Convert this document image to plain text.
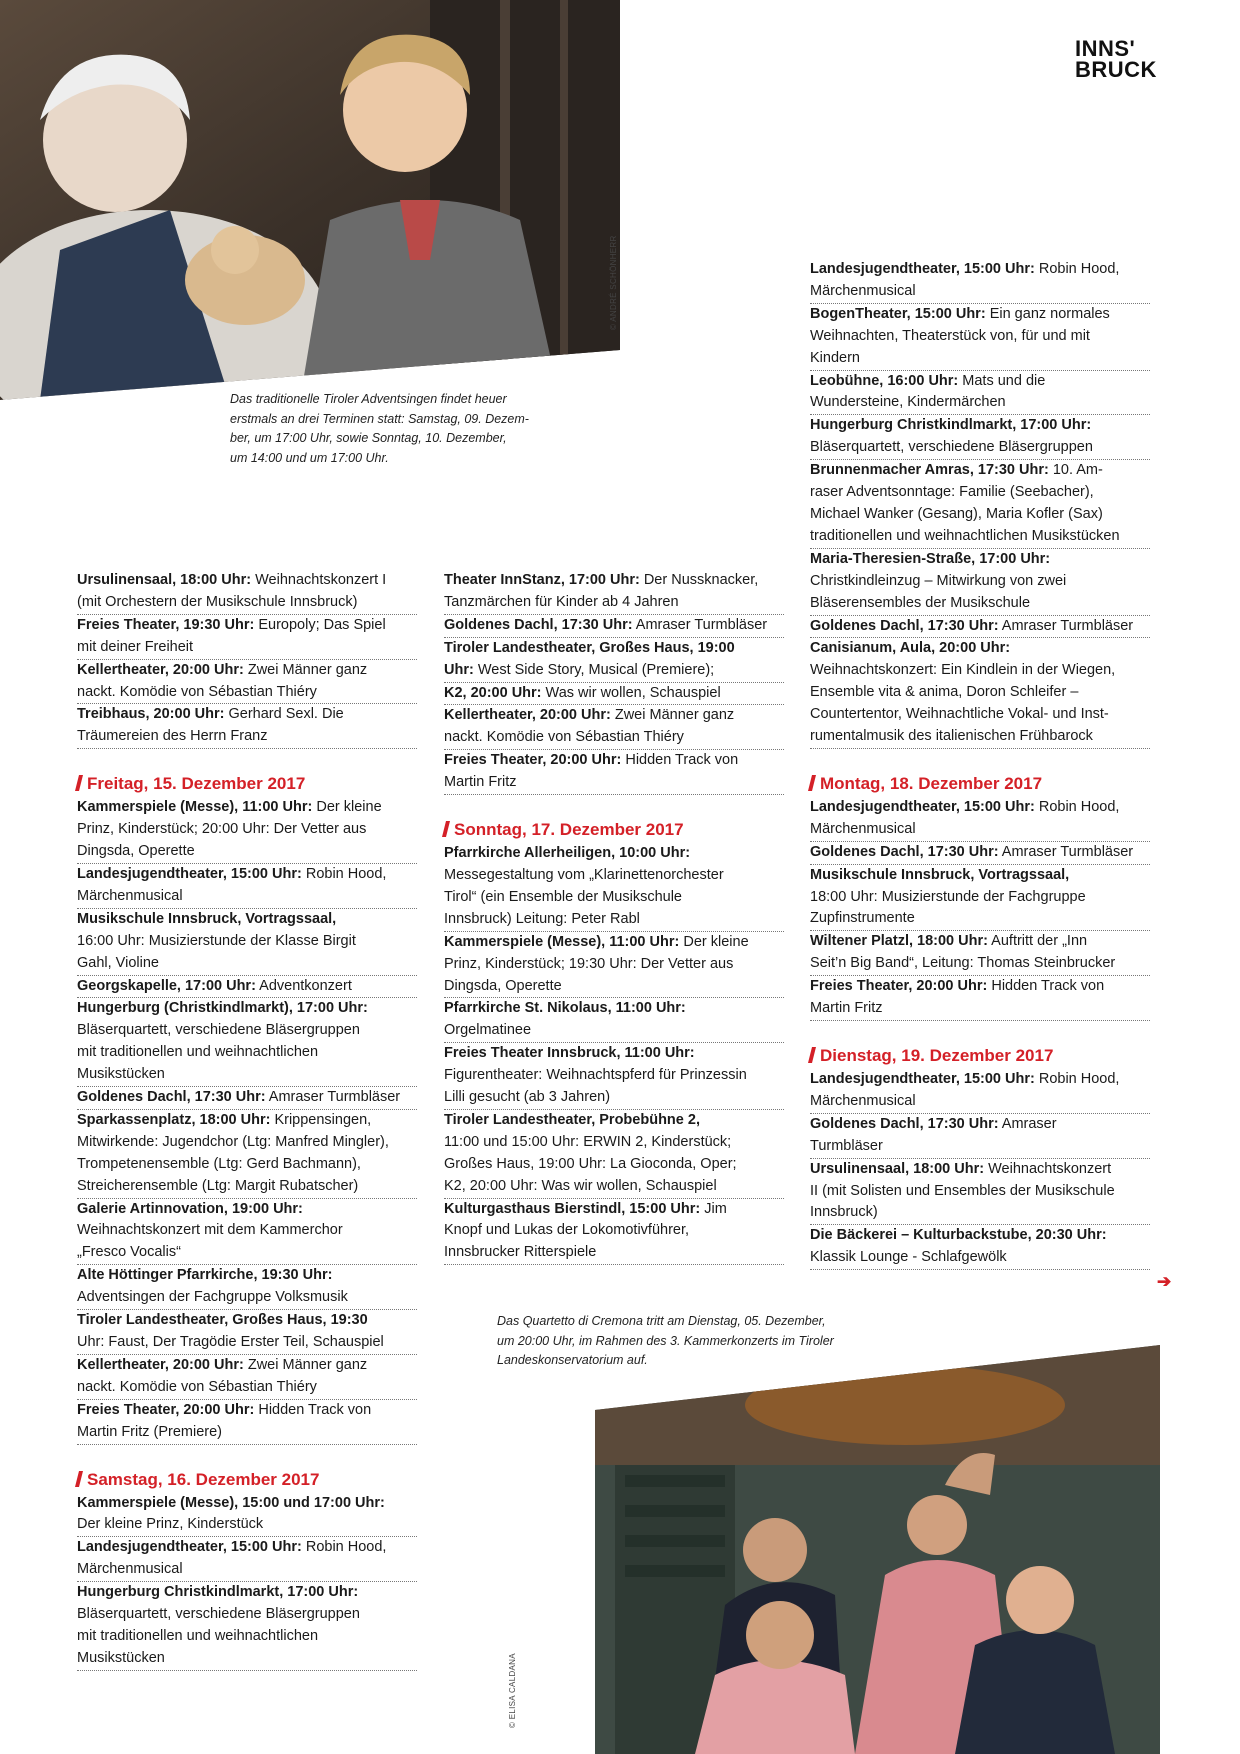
INNS'
BRUCK
© ANDRÉ SCHÖNHERR
Das traditionelle Tiroler Adventsingen findet heuer
erstmals an drei Terminen statt: Samstag, 09. Dezem-
ber, um 17:00 Uhr, sowie Sonntag, 10. Dezember,
um 14:00 und um 17:00 Uhr.
Ursulinensaal, 18:00 Uhr: Weihnachtskonzert I
(mit Orchestern der Musikschule Innsbruck)
Freies Theater, 19:30 Uhr: Europoly; Das Spiel
mit deiner Freiheit
Kellertheater, 20:00 Uhr: Zwei Männer ganz
nackt. Komödie von Sébastian Thiéry
Treibhaus, 20:00 Uhr: Gerhard Sexl. Die
Träumereien des Herrn Franz
Freitag, 15. Dezember 2017
Kammerspiele (Messe), 11:00 Uhr: Der kleine
Prinz, Kinderstück; 20:00 Uhr: Der Vetter aus
Dingsda, Operette
Landesjugendtheater, 15:00 Uhr: Robin Hood,
Märchenmusical
Musikschule Innsbruck, Vortragssaal,
16:00 Uhr: Musizierstunde der Klasse Birgit
Gahl, Violine
Georgskapelle, 17:00 Uhr: Adventkonzert
Hungerburg (Christkindlmarkt), 17:00 Uhr:
Bläserquartett, verschiedene Bläsergruppen
mit traditionellen und weihnachtlichen
Musikstücken
Goldenes Dachl, 17:30 Uhr: Amraser Turmbläser
Sparkassenplatz, 18:00 Uhr: Krippensingen,
Mitwirkende: Jugendchor (Ltg: Manfred Mingler),
Trompetenensemble (Ltg: Gerd Bachmann),
Streicherensemble (Ltg: Margit Rubatscher)
Galerie Artinnovation, 19:00 Uhr:
Weihnachtskonzert mit dem Kammerchor
„Fresco Vocalis“
Alte Höttinger Pfarrkirche, 19:30 Uhr:
Adventsingen der Fachgruppe Volksmusik
Tiroler Landestheater, Großes Haus, 19:30
Uhr: Faust, Der Tragödie Erster Teil, Schauspiel
Kellertheater, 20:00 Uhr: Zwei Männer ganz
nackt. Komödie von Sébastian Thiéry
Freies Theater, 20:00 Uhr: Hidden Track von
Martin Fritz (Premiere)
Samstag, 16. Dezember 2017
Kammerspiele (Messe), 15:00 und 17:00 Uhr:
Der kleine Prinz, Kinderstück
Landesjugendtheater, 15:00 Uhr: Robin Hood,
Märchenmusical
Hungerburg Christkindlmarkt, 17:00 Uhr:
Bläserquartett, verschiedene Bläsergruppen
mit traditionellen und weihnachtlichen
Musikstücken
Theater InnStanz, 17:00 Uhr: Der Nussknacker,
Tanzmärchen für Kinder ab 4 Jahren
Goldenes Dachl, 17:30 Uhr: Amraser Turmbläser
Tiroler Landestheater, Großes Haus, 19:00
Uhr: West Side Story, Musical (Premiere);
K2, 20:00 Uhr: Was wir wollen, Schauspiel
Kellertheater, 20:00 Uhr: Zwei Männer ganz
nackt. Komödie von Sébastian Thiéry
Freies Theater, 20:00 Uhr: Hidden Track von
Martin Fritz
Sonntag, 17. Dezember 2017
Pfarrkirche Allerheiligen, 10:00 Uhr:
Messegestaltung vom „Klarinettenorchester
Tirol“ (ein Ensemble der Musikschule
Innsbruck) Leitung: Peter Rabl
Kammerspiele (Messe), 11:00 Uhr: Der kleine
Prinz, Kinderstück; 19:30 Uhr: Der Vetter aus
Dingsda, Operette
Pfarrkirche St. Nikolaus, 11:00 Uhr:
Orgelmatinee
Freies Theater Innsbruck, 11:00 Uhr:
Figurentheater: Weihnachtspferd für Prinzessin
Lilli gesucht (ab 3 Jahren)
Tiroler Landestheater, Probebühne 2,
11:00 und 15:00 Uhr: ERWIN 2, Kinderstück;
Großes Haus, 19:00 Uhr: La Gioconda, Oper;
K2, 20:00 Uhr: Was wir wollen, Schauspiel
Kulturgasthaus Bierstindl, 15:00 Uhr: Jim
Knopf und Lukas der Lokomotivführer,
Innsbrucker Ritterspiele
Landesjugendtheater, 15:00 Uhr: Robin Hood,
Märchenmusical
BogenTheater, 15:00 Uhr: Ein ganz normales
Weihnachten, Theaterstück von, für und mit
Kindern
Leobühne, 16:00 Uhr: Mats und die
Wundersteine, Kindermärchen
Hungerburg Christkindlmarkt, 17:00 Uhr:
Bläserquartett, verschiedene Bläsergruppen
Brunnenmacher Amras, 17:30 Uhr: 10. Am-
raser Adventsonntage: Familie (Seebacher),
Michael Wanker (Gesang), Maria Kofler (Sax)
traditionellen und weihnachtlichen Musikstücken
Maria-Theresien-Straße, 17:00 Uhr:
Christkindleinzug – Mitwirkung von zwei
Bläserensembles der Musikschule
Goldenes Dachl, 17:30 Uhr: Amraser Turmbläser
Canisianum, Aula, 20:00 Uhr:
Weihnachtskonzert: Ein Kindlein in der Wiegen,
Ensemble vita & anima, Doron Schleifer –
Countertentor, Weihnachtliche Vokal- und Inst-
rumentalmusik des italienischen Frühbarock
Montag, 18. Dezember 2017
Landesjugendtheater, 15:00 Uhr: Robin Hood,
Märchenmusical
Goldenes Dachl, 17:30 Uhr: Amraser Turmbläser
Musikschule Innsbruck, Vortragssaal,
18:00 Uhr: Musizierstunde der Fachgruppe
Zupfinstrumente
Wiltener Platzl, 18:00 Uhr: Auftritt der „Inn
Seit’n Big Band“, Leitung: Thomas Steinbrucker
Freies Theater, 20:00 Uhr: Hidden Track von
Martin Fritz
Dienstag, 19. Dezember 2017
Landesjugendtheater, 15:00 Uhr: Robin Hood,
Märchenmusical
Goldenes Dachl, 17:30 Uhr: Amraser
Turmbläser
Ursulinensaal, 18:00 Uhr: Weihnachtskonzert
II (mit Solisten und Ensembles der Musikschule
Innsbruck)
Die Bäckerei – Kulturbackstube, 20:30 Uhr:
Klassik Lounge - Schlafgewölk
➔
Das Quartetto di Cremona tritt am Dienstag, 05. Dezember,
um 20:00 Uhr, im Rahmen des 3. Kammerkonzerts im Tiroler
Landeskonservatorium auf.
© ELISA CALDANA
